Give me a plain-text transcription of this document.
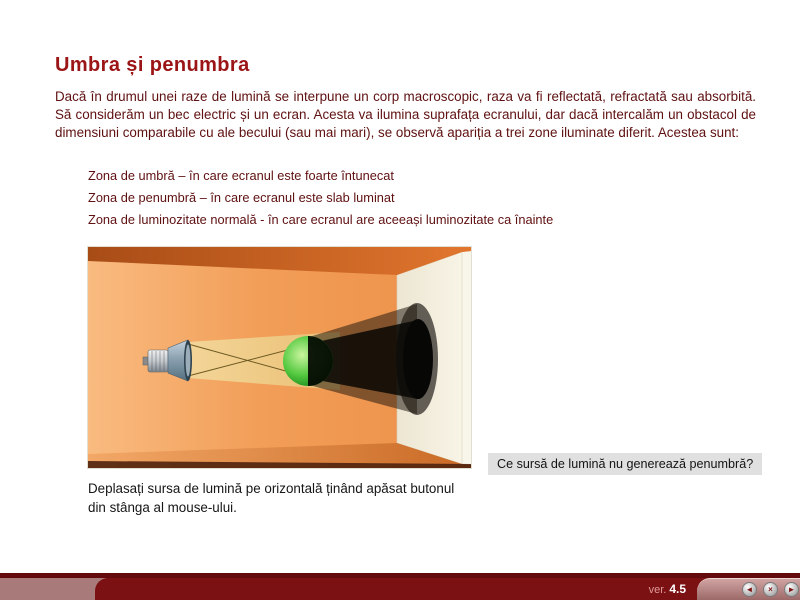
Umbra și penumbra
Dacă în drumul unei raze de lumină se interpune un corp macroscopic, raza va fi reflectată, refractată sau absorbită. Să considerăm un bec electric și un ecran. Acesta va ilumina suprafața ecranului, dar dacă intercalăm un obstacol de dimensiuni comparabile cu ale becului (sau mai mari), se observă apariția a trei zone iluminate diferit. Acestea sunt:
Zona de umbră – în care ecranul este foarte întunecat
Zona de penumbră – în care ecranul este slab luminat
Zona de luminozitate normală - în care ecranul are aceeași luminozitate ca înainte
Ce sursă de lumină nu generează penumbră?
Deplasați sursa de lumină pe orizontală ținând apăsat butonul
din stânga al mouse-ului.
ver. 4.5	◄ × ►
